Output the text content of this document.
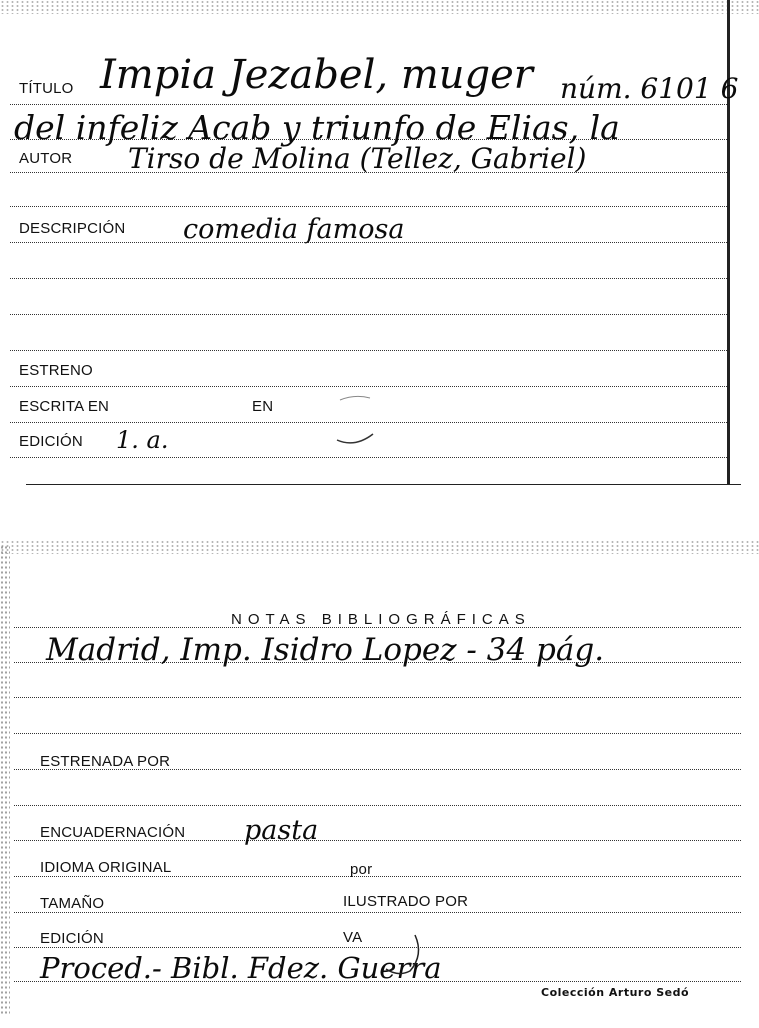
TÍTULO Impia Jezabel, muger núm. 6101 6
del infeliz Acab y triunfo de Elias, la
AUTOR Tirso de Molina (Tellez, Gabriel)
DESCRIPCIÓN comedia famosa
ESTRENO
ESCRITA EN	EN
EDICIÓN 1. a.
NOTAS BIBLIOGRÁFICAS
Madrid, Imp. Isidro Lopez - 34 pág.
ESTRENADA POR
ENCUADERNACIÓN pasta
IDIOMA ORIGINAL	por
TAMAÑO	ILUSTRADO POR
EDICIÓN	VA
Proced.- Bibl. Fdez. Guerra
Colección Arturo Sedó
